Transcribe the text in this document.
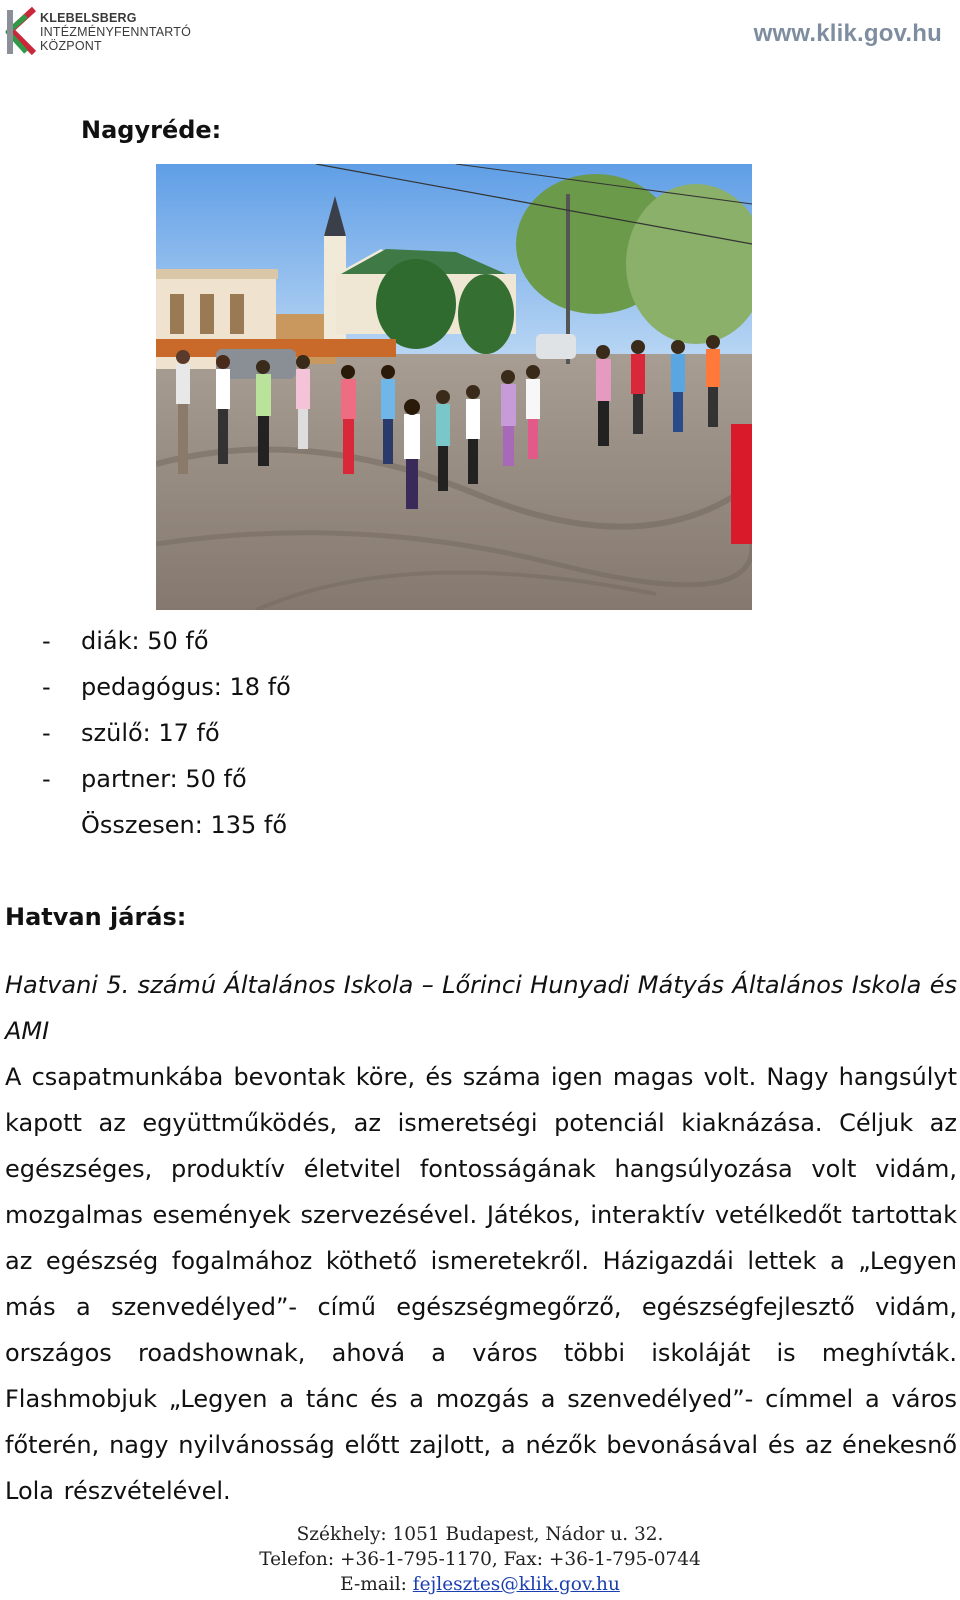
KLEBELSBERG
INTÉZMÉNYFENNTARTÓ
KÖZPONT	www.klik.gov.hu
Nagyréde:
- diák: 50 fő
- pedagógus: 18 fő
- szülő: 17 fő
- partner: 50 fő
Összesen: 135 fő
Hatvan járás:
Hatvani 5. számú Általános Iskola – Lőrinci Hunyadi Mátyás Általános Iskola és AMI
A csapatmunkába bevontak köre, és száma igen magas volt. Nagy hangsúlyt kapott az együttműködés, az ismeretségi potenciál kiaknázása. Céljuk az egészséges, produktív életvitel fontosságának hangsúlyozása volt vidám, mozgalmas események szervezésével. Játékos, interaktív vetélkedőt tartottak az egészség fogalmához köthető ismeretekről. Házigazdái lettek a „Legyen más a szenvedélyed”- című egészségmegőrző, egészségfejlesztő vidám, országos roadshownak, ahová a város többi iskoláját is meghívták. Flashmobjuk „Legyen a tánc és a mozgás a szenvedélyed”- címmel a város főterén, nagy nyilvánosság előtt zajlott, a nézők bevonásával és az énekesnő Lola részvételével.
Székhely: 1051 Budapest, Nádor u. 32.
Telefon: +36-1-795-1170, Fax: +36-1-795-0744
E-mail: fejlesztes@klik.gov.hu
